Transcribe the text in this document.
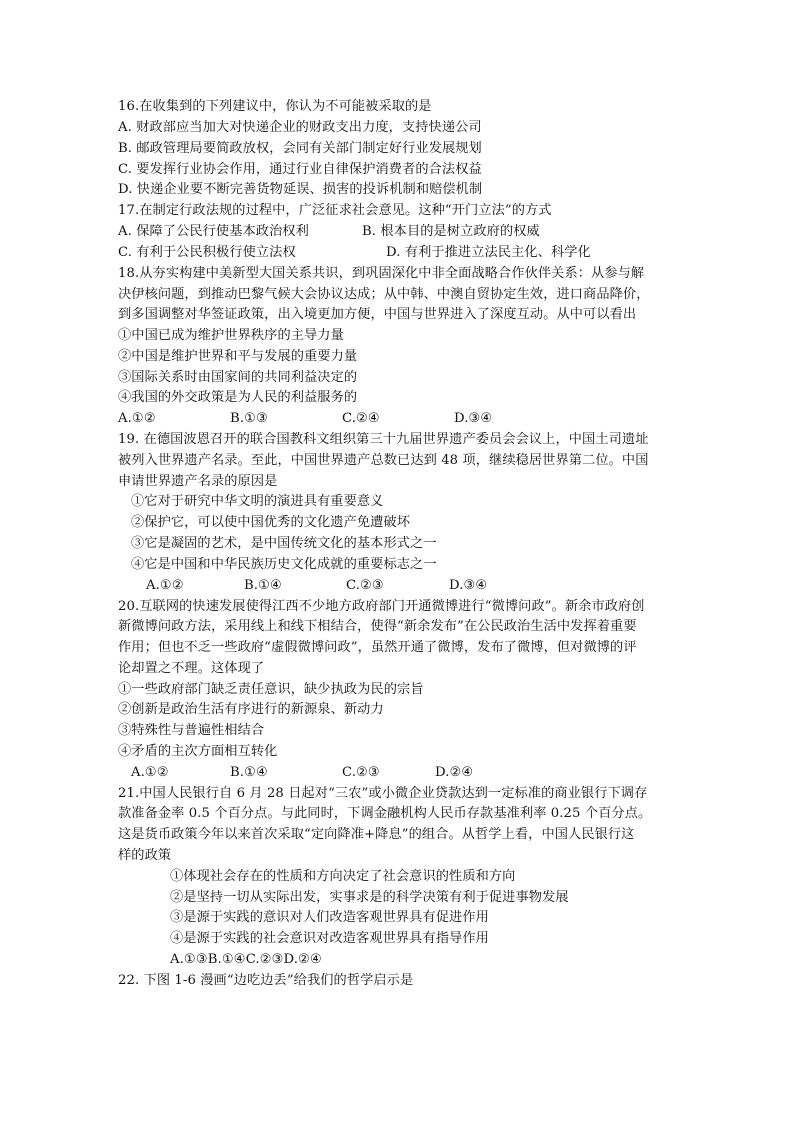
16.在收集到的下列建议中，你认为不可能被采取的是
A. 财政部应当加大对快递企业的财政支出力度，支持快递公司
B. 邮政管理局要简政放权，会同有关部门制定好行业发展规划
C. 要发挥行业协会作用，通过行业自律保护消费者的合法权益
D. 快递企业要不断完善货物延误、损害的投诉机制和赔偿机制
17.在制定行政法规的过程中，广泛征求社会意见。这种“开门立法”的方式
A. 保障了公民行使基本政治权利	B. 根本目的是树立政府的权威
C. 有利于公民积极行使立法权	D. 有利于推进立法民主化、科学化
18.从夯实构建中美新型大国关系共识，到巩固深化中非全面战略合作伙伴关系：从参与解
决伊核问题，到推动巴黎气候大会协议达成；从中韩、中澳自贸协定生效，进口商品降价，
到多国调整对华签证政策，出入境更加方便，中国与世界进入了深度互动。从中可以看出
①中国已成为维护世界秩序的主导力量
②中国是维护世界和平与发展的重要力量
③国际关系时由国家间的共同利益决定的
④我国的外交政策是为人民的利益服务的
A.①②	B.①③	C.②④	D.③④
19. 在德国波恩召开的联合国教科文组织第三十九届世界遗产委员会会议上，中国土司遗址
被列入世界遗产名录。至此，中国世界遗产总数已达到 48 项，继续稳居世界第二位。中国
申请世界遗产名录的原因是
①它对于研究中华文明的演进具有重要意义
②保护它，可以使中国优秀的文化遗产免遭破坏
③它是凝固的艺术，是中国传统文化的基本形式之一
④它是中国和中华民族历史文化成就的重要标志之一
A.①②	B.①④	C.②③	D.③④
20.互联网的快速发展使得江西不少地方政府部门开通微博进行“微博问政”。新余市政府创
新微博问政方法，采用线上和线下相结合，使得“新余发布”在公民政治生活中发挥着重要
作用；但也不乏一些政府“虚假微博问政”，虽然开通了微博，发布了微博，但对微博的评
论却置之不理。这体现了
①一些政府部门缺乏责任意识，缺少执政为民的宗旨
②创新是政治生活有序进行的新源泉、新动力
③特殊性与普遍性相结合
④矛盾的主次方面相互转化
A.①②	B.①④	C.②③	D.②④
21.中国人民银行自 6 月 28 日起对“三农”或小微企业贷款达到一定标准的商业银行下调存
款准备金率 0.5 个百分点。与此同时，下调金融机构人民币存款基准利率 0.25 个百分点。
这是货币政策今年以来首次采取“定向降准+降息”的组合。从哲学上看，中国人民银行这
样的政策
①体现社会存在的性质和方向决定了社会意识的性质和方向
②是坚持一切从实际出发，实事求是的科学决策有利于促进事物发展
③是源于实践的意识对人们改造客观世界具有促进作用
④是源于实践的社会意识对改造客观世界具有指导作用
A.①③B.①④C.②③D.②④
22. 下图 1-6 漫画“边吃边丢”给我们的哲学启示是
